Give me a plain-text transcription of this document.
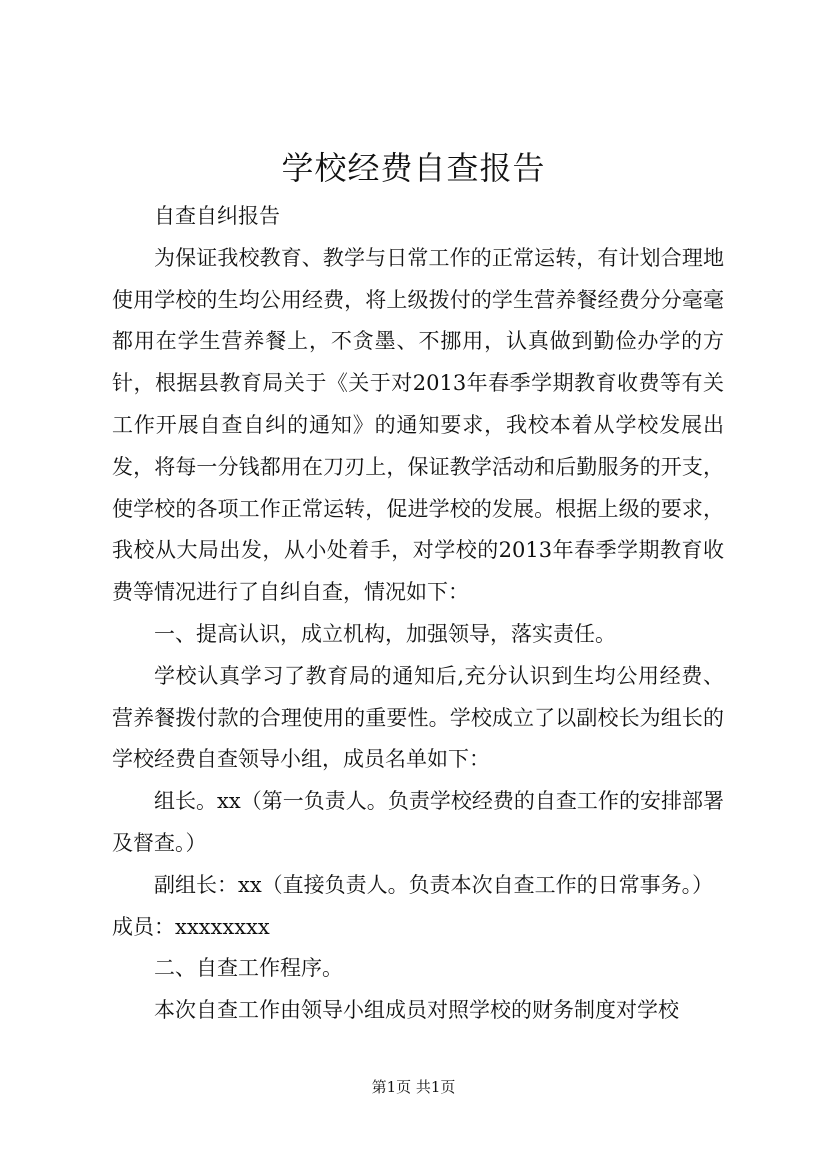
学校经费自查报告

自查自纠报告

为保证我校教育、教学与日常工作的正常运转，有计划合理地使用学校的生均公用经费，将上级拨付的学生营养餐经费分分毫毫都用在学生营养餐上，不贪墨、不挪用，认真做到勤俭办学的方针，根据县教育局关于《关于对2013年春季学期教育收费等有关工作开展自查自纠的通知》的通知要求，我校本着从学校发展出发，将每一分钱都用在刀刃上，保证教学活动和后勤服务的开支，使学校的各项工作正常运转，促进学校的发展。根据上级的要求，我校从大局出发，从小处着手，对学校的2013年春季学期教育收费等情况进行了自纠自查，情况如下：

一、提高认识，成立机构，加强领导，落实责任。

学校认真学习了教育局的通知后,充分认识到生均公用经费、营养餐拨付款的合理使用的重要性。学校成立了以副校长为组长的学校经费自查领导小组，成员名单如下：

组长。xx（第一负责人。负责学校经费的自查工作的安排部署及督查。）

副组长：xx（直接负责人。负责本次自查工作的日常事务。）

成员：xxxxxxxx

二、自查工作程序。

本次自查工作由领导小组成员对照学校的财务制度对学校

第1页 共1页
